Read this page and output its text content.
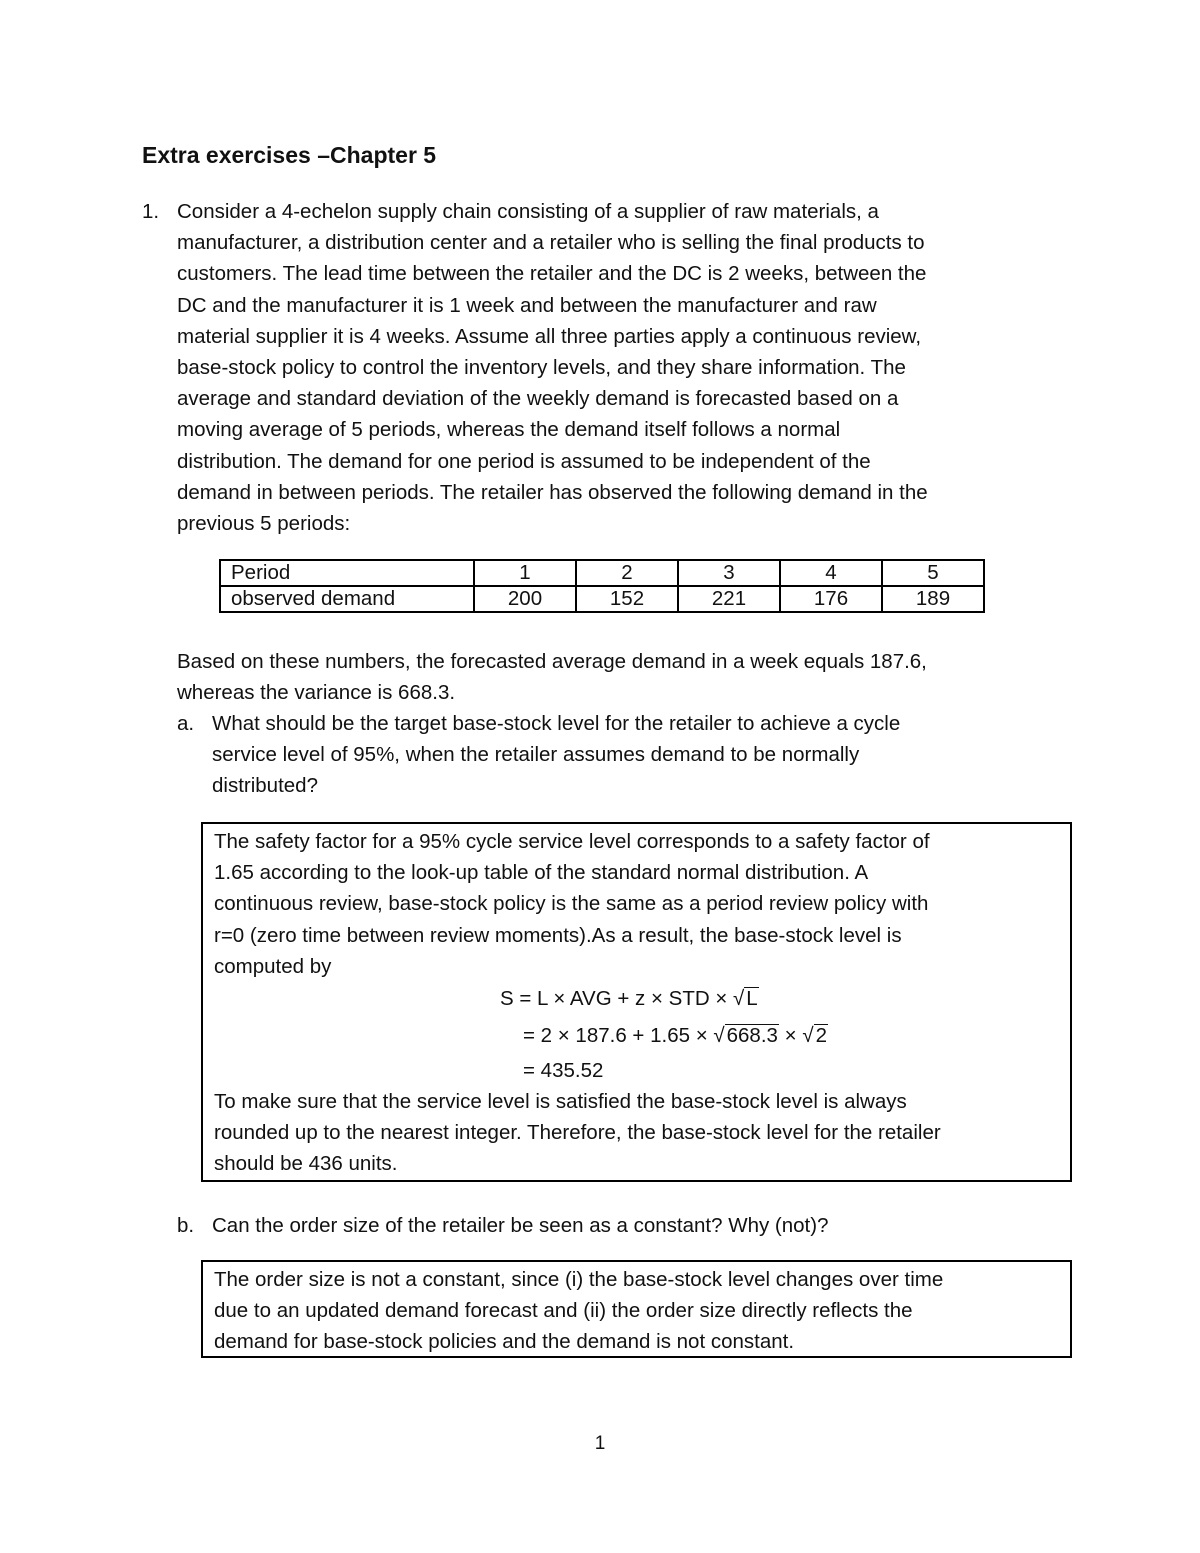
Extra exercises –Chapter 5
1. Consider a 4-echelon supply chain consisting of a supplier of raw materials, a
manufacturer, a distribution center and a retailer who is selling the final products to
customers. The lead time between the retailer and the DC is 2 weeks, between the
DC and the manufacturer it is 1 week and between the manufacturer and raw
material supplier it is 4 weeks. Assume all three parties apply a continuous review,
base-stock policy to control the inventory levels, and they share information. The
average and standard deviation of the weekly demand is forecasted based on a
moving average of 5 periods, whereas the demand itself follows a normal
distribution. The demand for one period is assumed to be independent of the
demand in between periods. The retailer has observed the following demand in the
previous 5 periods:
Period	1	2	3	4	5
observed demand	200	152	221	176	189
Based on these numbers, the forecasted average demand in a week equals 187.6,
whereas the variance is 668.3.
a. What should be the target base-stock level for the retailer to achieve a cycle
service level of 95%, when the retailer assumes demand to be normally
distributed?
The safety factor for a 95% cycle service level corresponds to a safety factor of
1.65 according to the look-up table of the standard normal distribution. A
continuous review, base-stock policy is the same as a period review policy with
r=0 (zero time between review moments).As a result, the base-stock level is
computed by
S = L × AVG + z × STD × √L
= 2 × 187.6 + 1.65 × √668.3 × √2
= 435.52
To make sure that the service level is satisfied the base-stock level is always
rounded up to the nearest integer. Therefore, the base-stock level for the retailer
should be 436 units.
b. Can the order size of the retailer be seen as a constant? Why (not)?
The order size is not a constant, since (i) the base-stock level changes over time
due to an updated demand forecast and (ii) the order size directly reflects the
demand for base-stock policies and the demand is not constant.
1
